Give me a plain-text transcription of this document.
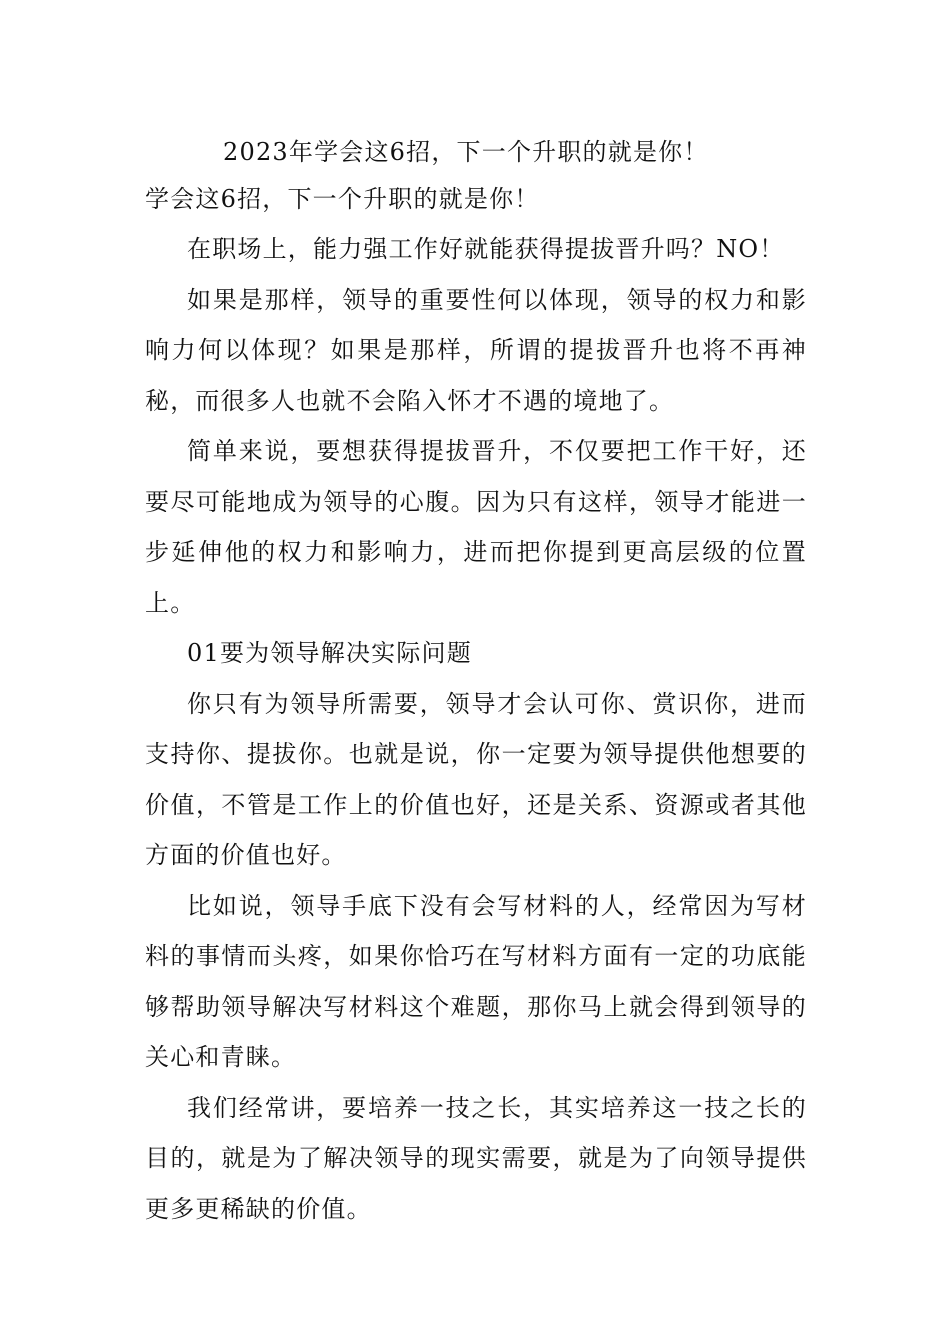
2023年学会这6招，下一个升职的就是你！

学会这6招，下一个升职的就是你！

在职场上，能力强工作好就能获得提拔晋升吗？NO！

如果是那样，领导的重要性何以体现，领导的权力和影响力何以体现？如果是那样，所谓的提拔晋升也将不再神秘，而很多人也就不会陷入怀才不遇的境地了。

简单来说，要想获得提拔晋升，不仅要把工作干好，还要尽可能地成为领导的心腹。因为只有这样，领导才能进一步延伸他的权力和影响力，进而把你提到更高层级的位置上。

01要为领导解决实际问题

你只有为领导所需要，领导才会认可你、赏识你，进而支持你、提拔你。也就是说，你一定要为领导提供他想要的价值，不管是工作上的价值也好，还是关系、资源或者其他方面的价值也好。

比如说，领导手底下没有会写材料的人，经常因为写材料的事情而头疼，如果你恰巧在写材料方面有一定的功底能够帮助领导解决写材料这个难题，那你马上就会得到领导的关心和青睐。

我们经常讲，要培养一技之长，其实培养这一技之长的目的，就是为了解决领导的现实需要，就是为了向领导提供更多更稀缺的价值。
